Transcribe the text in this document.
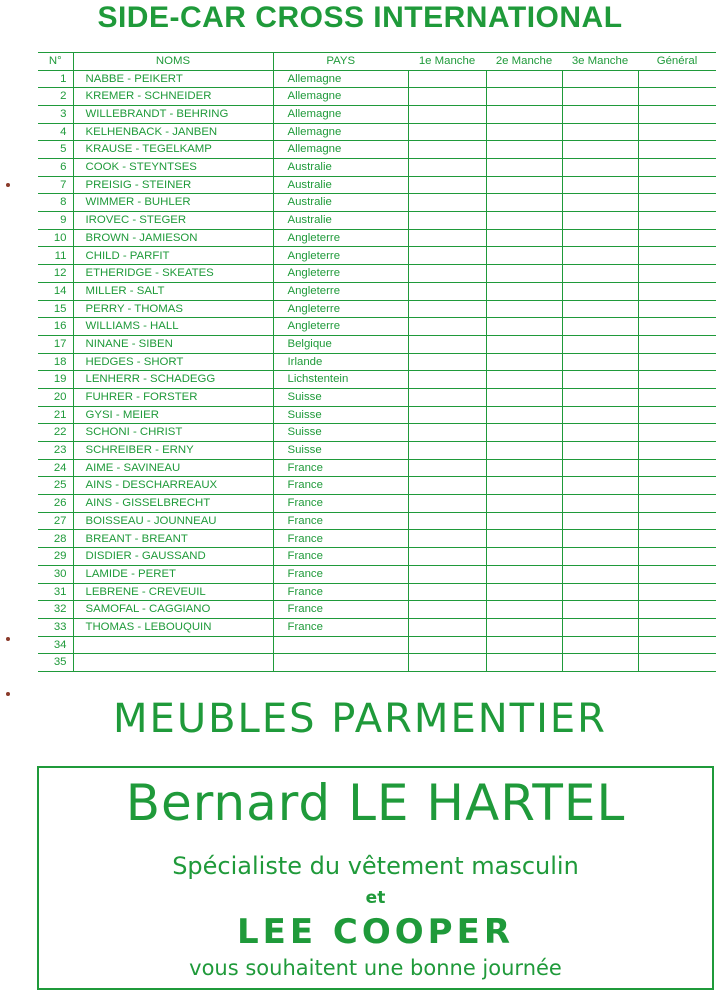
SIDE-CAR CROSS INTERNATIONAL
N°	NOMS	PAYS	1e Manche	2e Manche	3e Manche	Général
1	NABBE - PEIKERT	Allemagne				
2	KREMER - SCHNEIDER	Allemagne				
3	WILLEBRANDT - BEHRING	Allemagne				
4	KELHENBACK - JANBEN	Allemagne				
5	KRAUSE - TEGELKAMP	Allemagne				
6	COOK - STEYNTSES	Australie				
7	PREISIG - STEINER	Australie				
8	WIMMER - BUHLER	Australie				
9	IROVEC - STEGER	Australie				
10	BROWN - JAMIESON	Angleterre				
11	CHILD - PARFIT	Angleterre				
12	ETHERIDGE - SKEATES	Angleterre				
14	MILLER - SALT	Angleterre				
15	PERRY - THOMAS	Angleterre				
16	WILLIAMS - HALL	Angleterre				
17	NINANE - SIBEN	Belgique				
18	HEDGES - SHORT	Irlande				
19	LENHERR - SCHADEGG	Lichstentein				
20	FUHRER - FORSTER	Suisse				
21	GYSI - MEIER	Suisse				
22	SCHONI - CHRIST	Suisse				
23	SCHREIBER - ERNY	Suisse				
24	AIME - SAVINEAU	France				
25	AINS - DESCHARREAUX	France				
26	AINS - GISSELBRECHT	France				
27	BOISSEAU - JOUNNEAU	France				
28	BREANT - BREANT	France				
29	DISDIER - GAUSSAND	France				
30	LAMIDE - PERET	France				
31	LEBRENE - CREVEUIL	France				
32	SAMOFAL - CAGGIANO	France				
33	THOMAS - LEBOUQUIN	France				
34						
35						
MEUBLES PARMENTIER
Bernard LE HARTEL
Spécialiste du vêtement masculin
et
LEE COOPER
vous souhaitent une bonne journée
